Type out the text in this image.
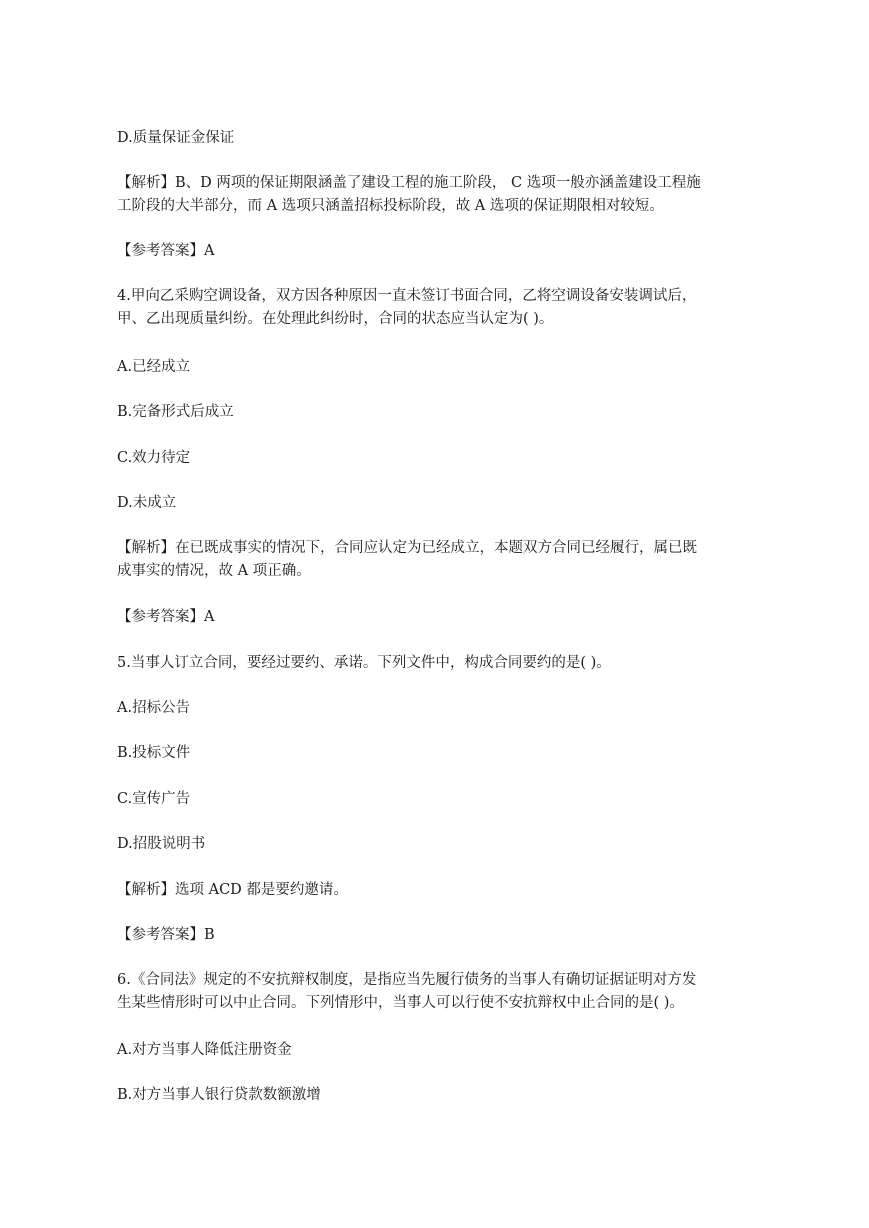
D.质量保证金保证
【解析】B、D 两项的保证期限涵盖了建设工程的施工阶段， C 选项一般亦涵盖建设工程施
工阶段的大半部分，而 A 选项只涵盖招标投标阶段，故 A 选项的保证期限相对较短。
【参考答案】A
4.甲向乙采购空调设备，双方因各种原因一直未签订书面合同，乙将空调设备安装调试后，
甲、乙出现质量纠纷。在处理此纠纷时，合同的状态应当认定为( )。
A.已经成立
B.完备形式后成立
C.效力待定
D.未成立
【解析】在已既成事实的情况下，合同应认定为已经成立，本题双方合同已经履行，属已既
成事实的情况，故 A 项正确。
【参考答案】A
5.当事人订立合同，要经过要约、承诺。下列文件中，构成合同要约的是( )。
A.招标公告
B.投标文件
C.宣传广告
D.招股说明书
【解析】选项 ACD 都是要约邀请。
【参考答案】B
6.《合同法》规定的不安抗辩权制度，是指应当先履行债务的当事人有确切证据证明对方发
生某些情形时可以中止合同。下列情形中，当事人可以行使不安抗辩权中止合同的是( )。
A.对方当事人降低注册资金
B.对方当事人银行贷款数额激增
